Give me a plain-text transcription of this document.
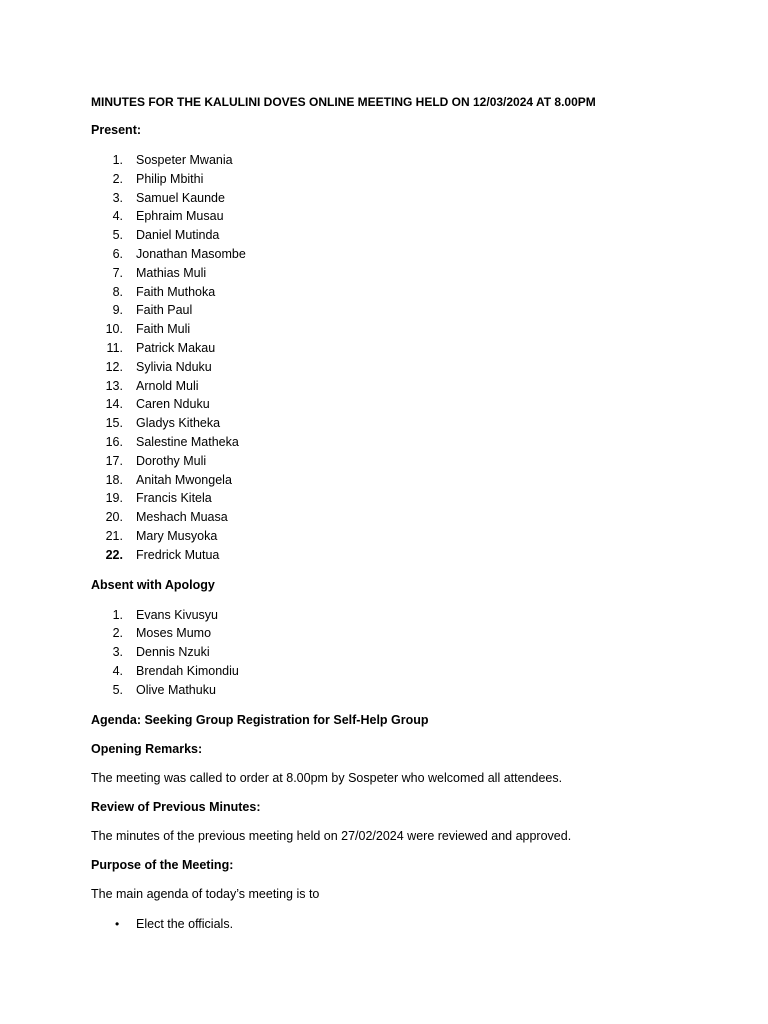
MINUTES FOR THE KALULINI DOVES ONLINE MEETING HELD ON 12/03/2024 AT 8.00PM
Present:
1. Sospeter Mwania
2. Philip Mbithi
3. Samuel Kaunde
4. Ephraim Musau
5. Daniel Mutinda
6. Jonathan Masombe
7. Mathias Muli
8. Faith Muthoka
9. Faith Paul
10. Faith Muli
11. Patrick Makau
12. Sylivia Nduku
13. Arnold Muli
14. Caren Nduku
15. Gladys Kitheka
16. Salestine Matheka
17. Dorothy Muli
18. Anitah Mwongela
19. Francis Kitela
20. Meshach Muasa
21. Mary Musyoka
22. Fredrick Mutua
Absent with Apology
1. Evans Kivusyu
2. Moses Mumo
3. Dennis Nzuki
4. Brendah Kimondiu
5. Olive Mathuku
Agenda: Seeking Group Registration for Self-Help Group
Opening Remarks:
The meeting was called to order at 8.00pm by Sospeter who welcomed all attendees.
Review of Previous Minutes:
The minutes of the previous meeting held on 27/02/2024 were reviewed and approved.
Purpose of the Meeting:
The main agenda of today’s meeting is to
• Elect the officials.
